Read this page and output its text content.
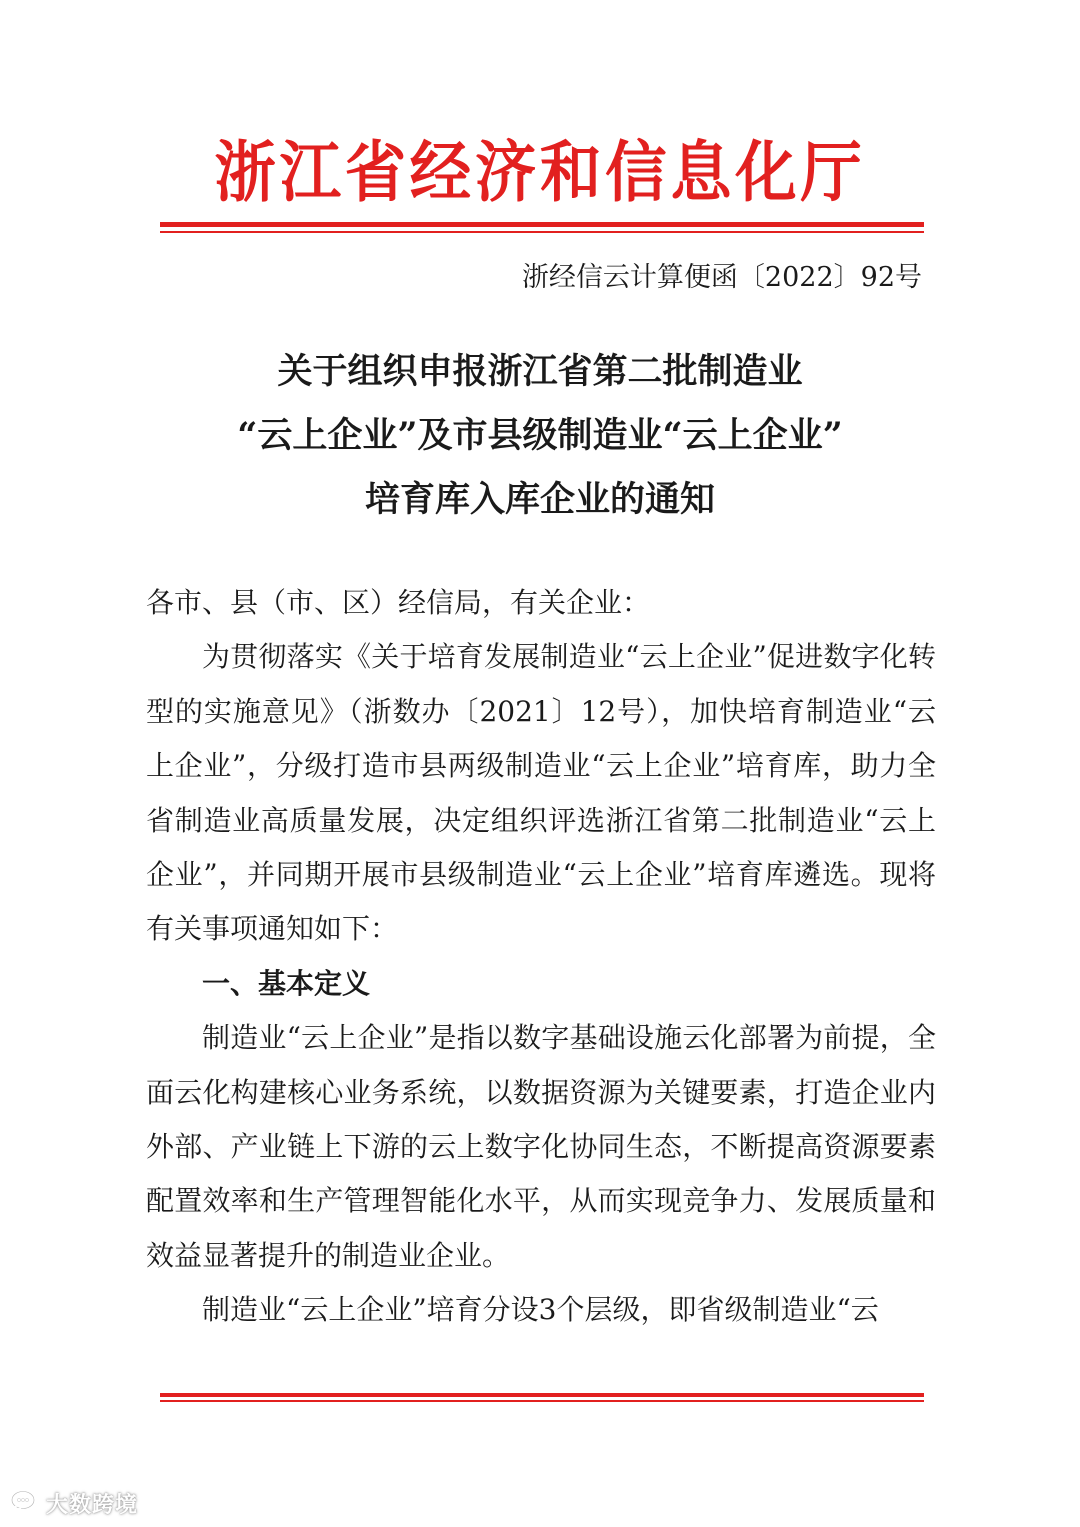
浙江省经济和信息化厅
浙经信云计算便函〔2022〕92号
关于组织申报浙江省第二批制造业
“云上企业”及市县级制造业“云上企业”
培育库入库企业的通知

各市、县（市、区）经信局，有关企业：

为贯彻落实《关于培育发展制造业“云上企业”促进数字化转型的实施意见》（浙数办〔2021〕12号），加快培育制造业“云上企业”，分级打造市县两级制造业“云上企业”培育库，助力全省制造业高质量发展，决定组织评选浙江省第二批制造业“云上企业”，并同期开展市县级制造业“云上企业”培育库遴选。现将有关事项通知如下：

一、基本定义

制造业“云上企业”是指以数字基础设施云化部署为前提，全面云化构建核心业务系统，以数据资源为关键要素，打造企业内外部、产业链上下游的云上数字化协同生态，不断提高资源要素配置效率和生产管理智能化水平，从而实现竞争力、发展质量和效益显著提升的制造业企业。

制造业“云上企业”培育分设3个层级，即省级制造业“云

大数跨境
